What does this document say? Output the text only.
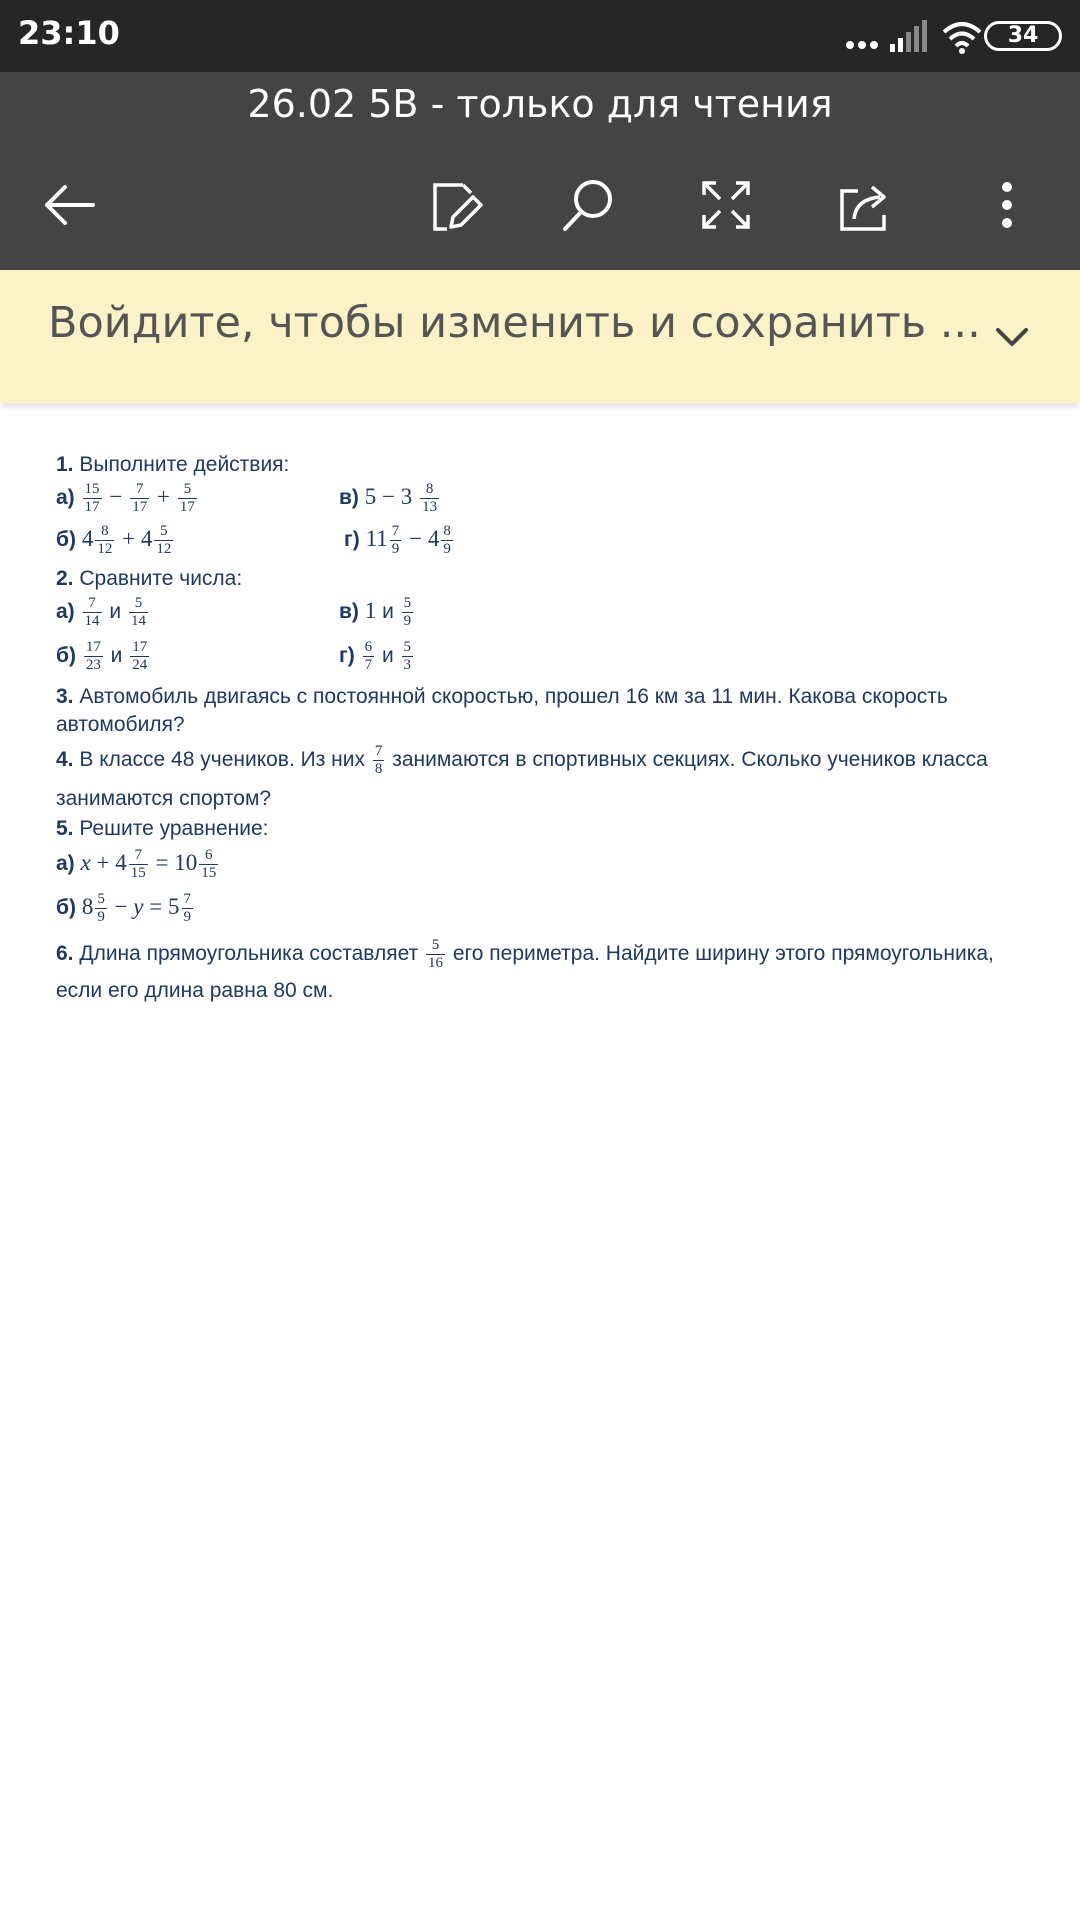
23:10	34
26.02 5В - только для чтения
Войдите, чтобы изменить и сохранить ...
1. Выполните действия:
$а) \frac{15}{17} - \frac{7}{17} + \frac{5}{17}$	в) $5 - 3 \frac{8}{13}$
б) $4 \frac{8}{12} + 4 \frac{5}{12}$	г) $11 \frac{7}{9} - 4 \frac{8}{9}$
2. Сравните числа:
$а) \frac{7}{14}$ и $\frac{5}{14}$	в) 1 и $\frac{5}{9}$
$б) \frac{17}{23}$ и $\frac{17}{24}$	$г) \frac{6}{7}$ и $\frac{5}{3}$
3. Автомобиль двигаясь с постоянной скоростью, прошел 16 км за 11 мин. Какова скорость
автомобиля?
4. В классе 48 учеников. Из них $\frac{7}{8}$ занимаются в спортивных секциях. Сколько учеников класса
занимаются спортом?
5. Решите уравнение:
а) $x + 4 \frac{7}{15} = 10 \frac{6}{15}$
б) $8 \frac{5}{9} - y = 5 \frac{7}{9}$
6. Длина прямоугольника составляет $\frac{5}{16}$ его периметра. Найдите ширину этого прямоугольника,
если его длина равна 80 см.
